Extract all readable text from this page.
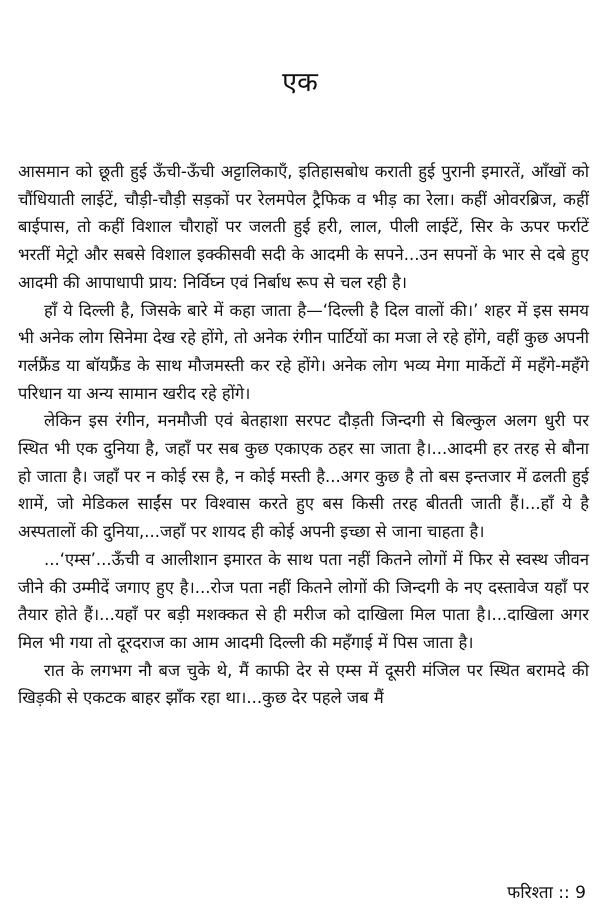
एक

आसमान को छूती हुई ऊँची-ऊँची अट्टालिकाएँ, इतिहासबोध कराती हुई पुरानी इमारतें, आँखों को चौंधियाती लाईटें, चौड़ी-चौड़ी सड़कों पर रेलमपेल ट्रैफिक व भीड़ का रेला। कहीं ओवरब्रिज, कहीं बाईपास, तो कहीं विशाल चौराहों पर जलती हुई हरी, लाल, पीली लाईटें, सिर के ऊपर फर्राटें भरतीं मेट्रो और सबसे विशाल इक्कीसवी सदी के आदमी के सपने...उन सपनों के भार से दबे हुए आदमी की आपाधापी प्राय: निर्विघ्न एवं निर्बाध रूप से चल रही है।

हाँ ये दिल्ली है, जिसके बारे में कहा जाता है—‘दिल्ली है दिल वालों की।’ शहर में इस समय भी अनेक लोग सिनेमा देख रहे होंगे, तो अनेक रंगीन पार्टियों का मजा ले रहे होंगे, वहीं कुछ अपनी गर्लफ्रैंड या बॉयफ्रैंड के साथ मौजमस्ती कर रहे होंगे। अनेक लोग भव्य मेगा मार्केटों में महँगे-महँगे परिधान या अन्य सामान खरीद रहे होंगे।

लेकिन इस रंगीन, मनमौजी एवं बेतहाशा सरपट दौड़ती जिन्दगी से बिल्कुल अलग धुरी पर स्थित भी एक दुनिया है, जहाँ पर सब कुछ एकाएक ठहर सा जाता है।...आदमी हर तरह से बौना हो जाता है। जहाँ पर न कोई रस है, न कोई मस्ती है...अगर कुछ है तो बस इन्तजार में ढलती हुई शामें, जो मेडिकल साईंस पर विश्वास करते हुए बस किसी तरह बीतती जाती हैं।...हाँ ये है अस्पतालों की दुनिया,...जहाँ पर शायद ही कोई अपनी इच्छा से जाना चाहता है।

...‘एम्स’...ऊँची व आलीशान इमारत के साथ पता नहीं कितने लोगों में फिर से स्वस्थ जीवन जीने की उम्मीदें जगाए हुए है।...रोज पता नहीं कितने लोगों की जिन्दगी के नए दस्तावेज यहाँ पर तैयार होते हैं।...यहाँ पर बड़ी मशक्कत से ही मरीज को दाखिला मिल पाता है।...दाखिला अगर मिल भी गया तो दूरदराज का आम आदमी दिल्ली की महँगाई में पिस जाता है।

रात के लगभग नौ बज चुके थे, मैं काफी देर से एम्स में दूसरी मंजिल पर स्थित बरामदे की खिड़की से एकटक बाहर झाँक रहा था।...कुछ देर पहले जब मैं

फरिश्ता :: 9
